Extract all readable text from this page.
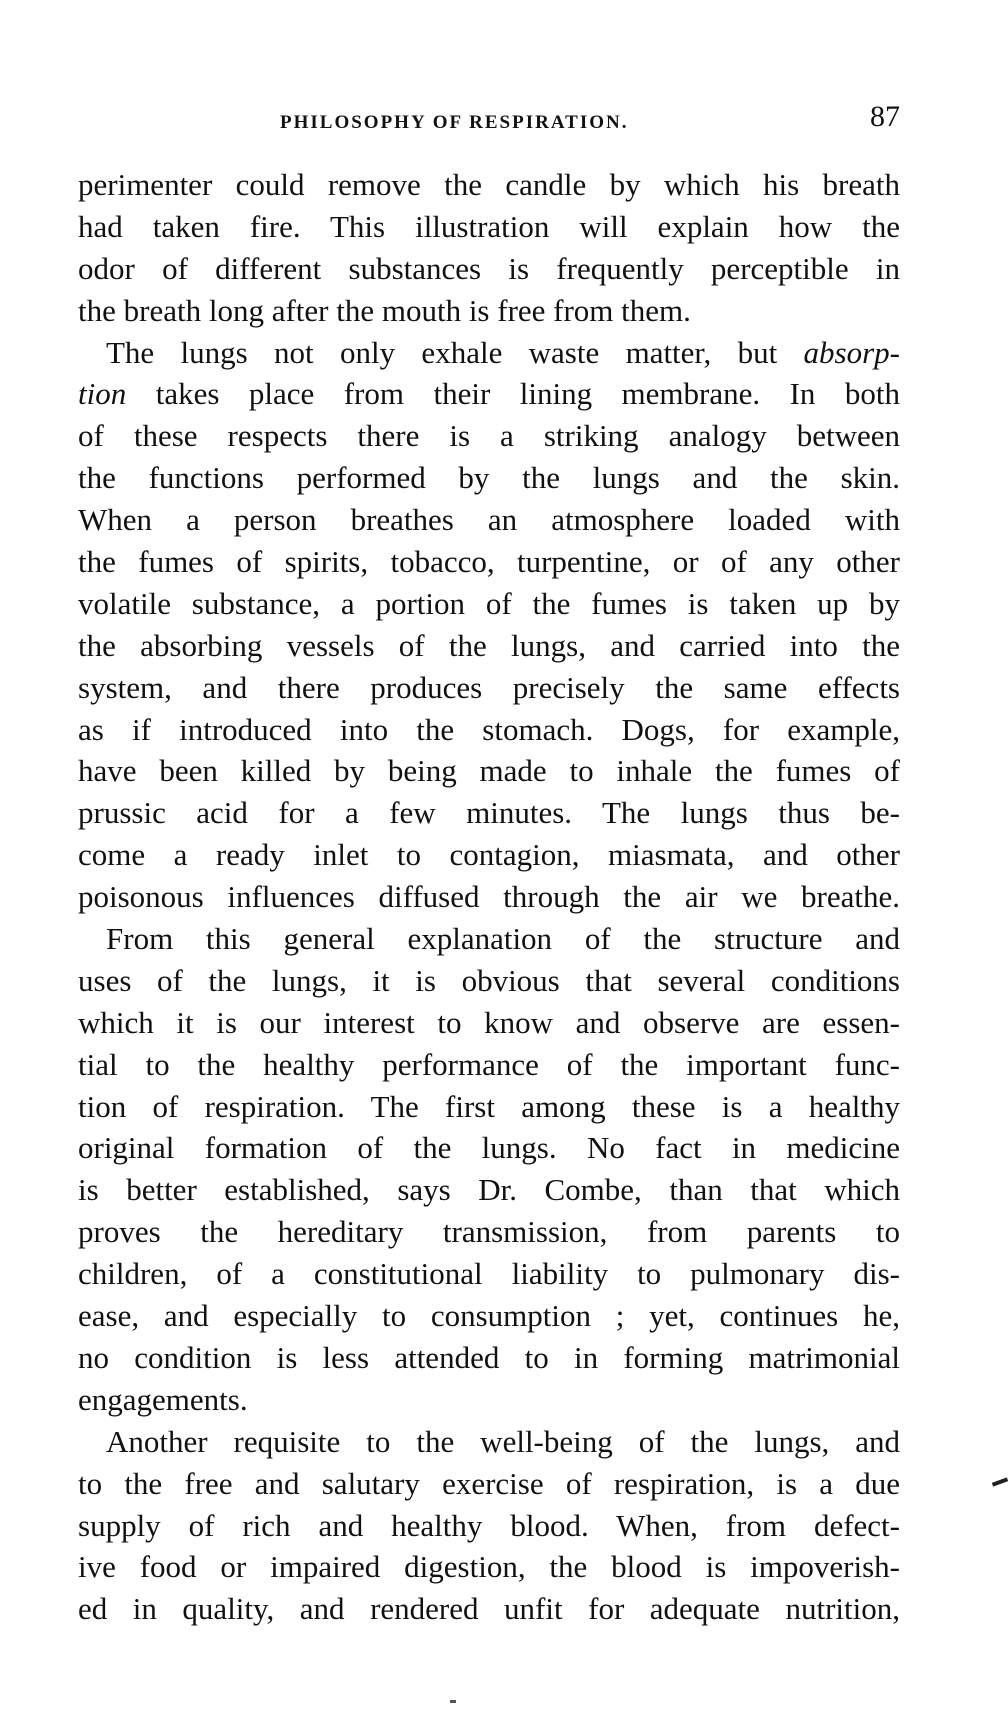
PHILOSOPHY OF RESPIRATION.	87
perimenter could remove the candle by which his breath
had taken fire. This illustration will explain how the
odor of different substances is frequently perceptible in
the breath long after the mouth is free from them.
The lungs not only exhale waste matter, but absorp-
tion takes place from their lining membrane. In both
of these respects there is a striking analogy between
the functions performed by the lungs and the skin.
When a person breathes an atmosphere loaded with
the fumes of spirits, tobacco, turpentine, or of any other
volatile substance, a portion of the fumes is taken up by
the absorbing vessels of the lungs, and carried into the
system, and there produces precisely the same effects
as if introduced into the stomach. Dogs, for example,
have been killed by being made to inhale the fumes of
prussic acid for a few minutes. The lungs thus be-
come a ready inlet to contagion, miasmata, and other
poisonous influences diffused through the air we breathe.
From this general explanation of the structure and
uses of the lungs, it is obvious that several conditions
which it is our interest to know and observe are essen-
tial to the healthy performance of the important func-
tion of respiration. The first among these is a healthy
original formation of the lungs. No fact in medicine
is better established, says Dr. Combe, than that which
proves the hereditary transmission, from parents to
children, of a constitutional liability to pulmonary dis-
ease, and especially to consumption ; yet, continues he,
no condition is less attended to in forming matrimonial
engagements.
Another requisite to the well-being of the lungs, and
to the free and salutary exercise of respiration, is a due
supply of rich and healthy blood. When, from defect-
ive food or impaired digestion, the blood is impoverish-
ed in quality, and rendered unfit for adequate nutrition,
